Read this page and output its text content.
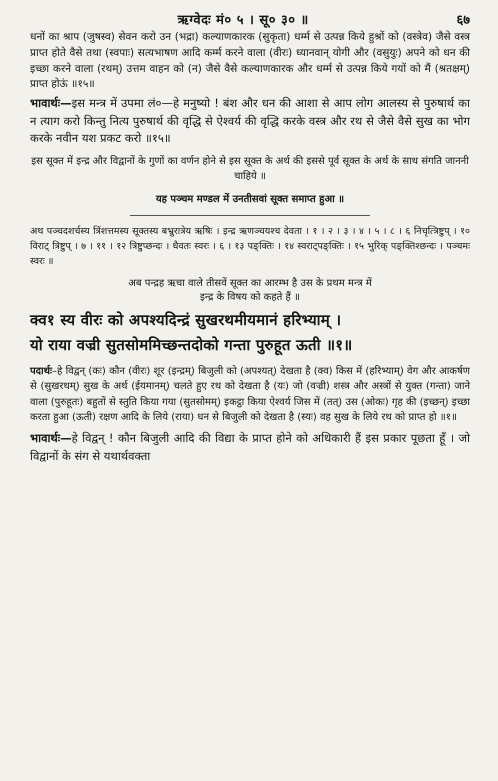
ऋग्वेदः मं० ५ । सू० ३० ॥	६७

धनों का श्राप (जुषस्व) सेवन करो उन (भद्रा) कल्याणकारक (सुकृता) धर्म्म से उत्पन्न किये हुश्रों को (वस्त्रेव) जैसे वस्त्र प्राप्त होते वैसे तथा (स्वपाः) सत्यभाषण आदि कर्म्म करने वाला (वीरः) ध्यानवान् योगी और (वसुयुः) अपने को धन की इच्छा करने वाला (रथम्) उत्तम वाहन को (न) जैसे वैसे कल्याणकारक और धर्म्म से उत्पन्न किये गयों को मैं (श्रतक्षम्) प्राप्त होऊं ॥१५॥

भावार्थः—इस मन्त्र में उपमा लं०—हे मनुष्यो ! बंश और धन की आशा से आप लोग आलस्य से पुरुषार्थ का न त्याग करो किन्तु नित्य पुरुषार्थ की वृद्धि से ऐश्वर्य की वृद्धि करके वस्त्र और रथ से जैसे वैसे सुख का भोग करके नवीन यश प्रकट करो ॥१५॥

इस सूक्त में इन्द्र और विद्वानों के गुणों का वर्णन होने से इस सूक्त के अर्थ की इससे पूर्व सूक्त के अर्थ के साथ संगति जाननी चाहिये ॥

यह पञ्चम मण्डल में उनतीसवां सूक्त समाप्त हुआ ॥

अथ पञ्चदशर्चस्य त्रिंशत्तमस्य सूक्तस्य बभ्रुरात्रेय ऋषिः । इन्द्र ऋणञ्चयश्च देवता । १ । २ । ३ । ४ । ५ । ८ । ६ निचृत्त्रिष्टुप् । १० विराट् त्रिष्टुप् । ७ । ११ । १२ त्रिष्टुप्छन्दः । धैवतः स्वरः । ६ । १३ पङ्क्तिः । १४ स्वराट्पङ्क्तिः । १५ भुरिक् पङ्क्तिश्छन्दः । पञ्चमः स्वरः ॥

अब पन्द्रह ऋचा वाले तीसवें सूक्त का आरम्भ है उस के प्रथम मन्त्र में
इन्द्र के विषय को कहते हैं ॥

क्व१ स्य वीरः को अपश्यदिन्द्रं सुखरथमीयमानं हरिभ्याम् ।

यो राया वज्री सुतसोममिच्छन्तदोको गन्ता पुरुहूत ऊती ॥१॥

पदार्थः–हे विद्वन् (कः) कौन (वीरः) शूर (इन्द्रम्) बिजुली को (अपश्यत्) देखता है (क्व) किस में (हरिभ्याम्) वेग और आकर्षण से (सुखरथम्) सुख के अर्थ (ईयमानम्) चलते हुए रथ को देखता है (यः) जो (वज्री) शस्त्र और अस्त्रों से युक्त (गन्ता) जाने वाला (पुरुहूतः) बहुतों से स्तुति किया गया (सुतसोमम्) इकट्ठा किया ऐश्वर्य जिस में (तत्) उस (ओकः) गृह की (इच्छन्) इच्छा करता हुआ (ऊती) रक्षण आदि के लिये (राया) धन से बिजुली को देखता है (स्यः) वह सुख के लिये रथ को प्राप्त हो ॥१॥

भावार्थः—हे विद्वन् ! कौन बिजुली आदि की विद्या के प्राप्त होने को अधिकारी हैं इस प्रकार पूछता हूँ । जो विद्वानों के संग से यथार्थवक्ता
